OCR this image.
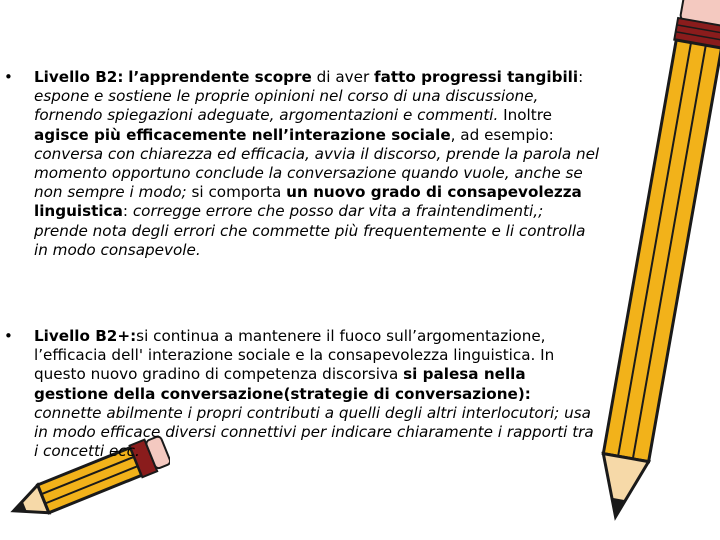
• Livello B2: l’apprendente scopre di aver fatto progressi tangibili: espone e sostiene le proprie opinioni nel corso di una discussione, fornendo spiegazioni adeguate, argomentazioni e commenti. Inoltre agisce più efficacemente nell’interazione sociale, ad esempio: conversa con chiarezza ed efficacia, avvia il discorso, prende la parola nel momento opportuno conclude la conversazione quando vuole, anche se non sempre i modo; si comporta un nuovo grado di consapevolezza linguistica: corregge errore che posso dar vita a fraintendimenti,; prende nota degli errori che commette più frequentemente e li controlla in modo consapevole.
• Livello B2+:si continua a mantenere il fuoco sull’argomentazione, l’efficacia dell' interazione sociale e la consapevolezza linguistica. In questo nuovo gradino di competenza discorsiva si palesa nella gestione della conversazione(strategie di conversazione): connette abilmente i propri contributi a quelli degli altri interlocutori; usa in modo efficace diversi connettivi per indicare chiaramente i rapporti tra i concetti ecc.
